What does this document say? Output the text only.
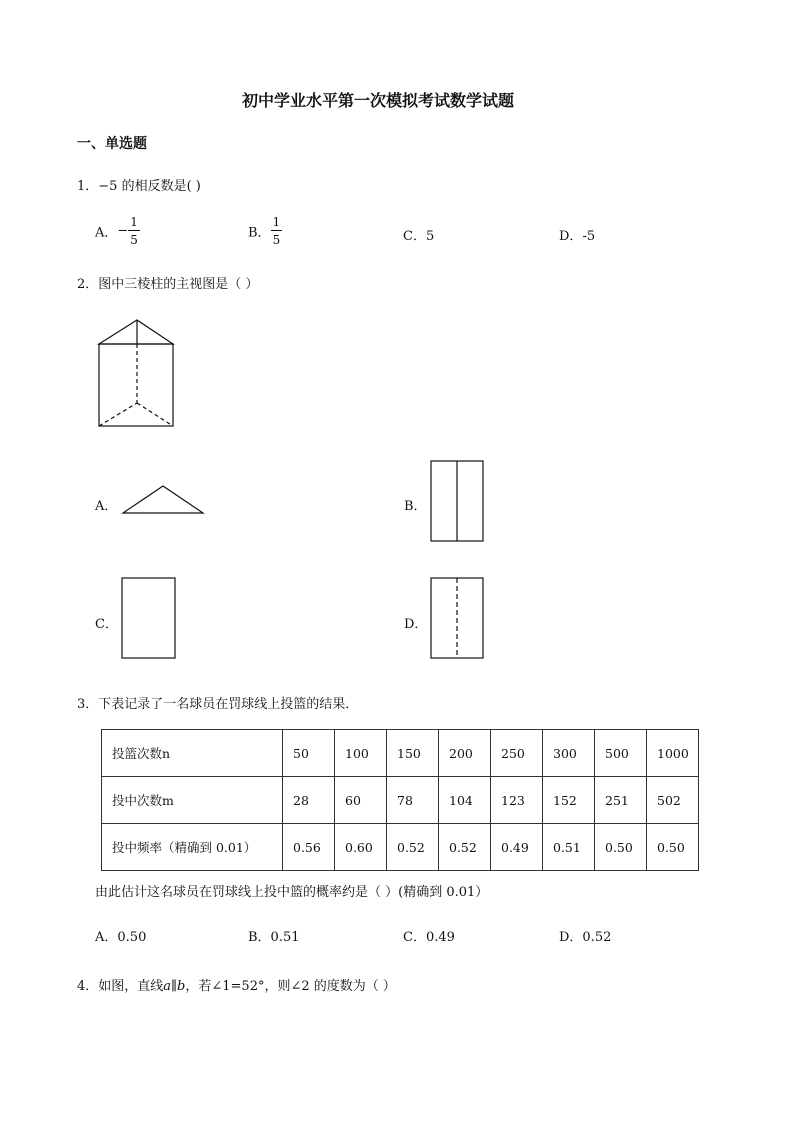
初中学业水平第一次模拟考试数学试题
一、单选题
1．−5 的相反数是( )
A．− $\frac{1}{5}$	B． $\frac{1}{5}$	C．5	D．-5
2．图中三棱柱的主视图是（ ）
A．	B．
C．	D．
3．下表记录了一名球员在罚球线上投篮的结果．
投篮次数n	50	100	150	200	250	300	500	1000
投中次数m	28	60	78	104	123	152	251	502
投中频率（精确到 0.01）	0.56	0.60	0.52	0.52	0.49	0.51	0.50	0.50
由此估计这名球员在罚球线上投中篮的概率约是（ ）(精确到 0.01）
A．0.50	B．0.51	C．0.49	D．0.52
4．如图，直线a∥b，若∠1=52°，则∠2 的度数为（ ）
